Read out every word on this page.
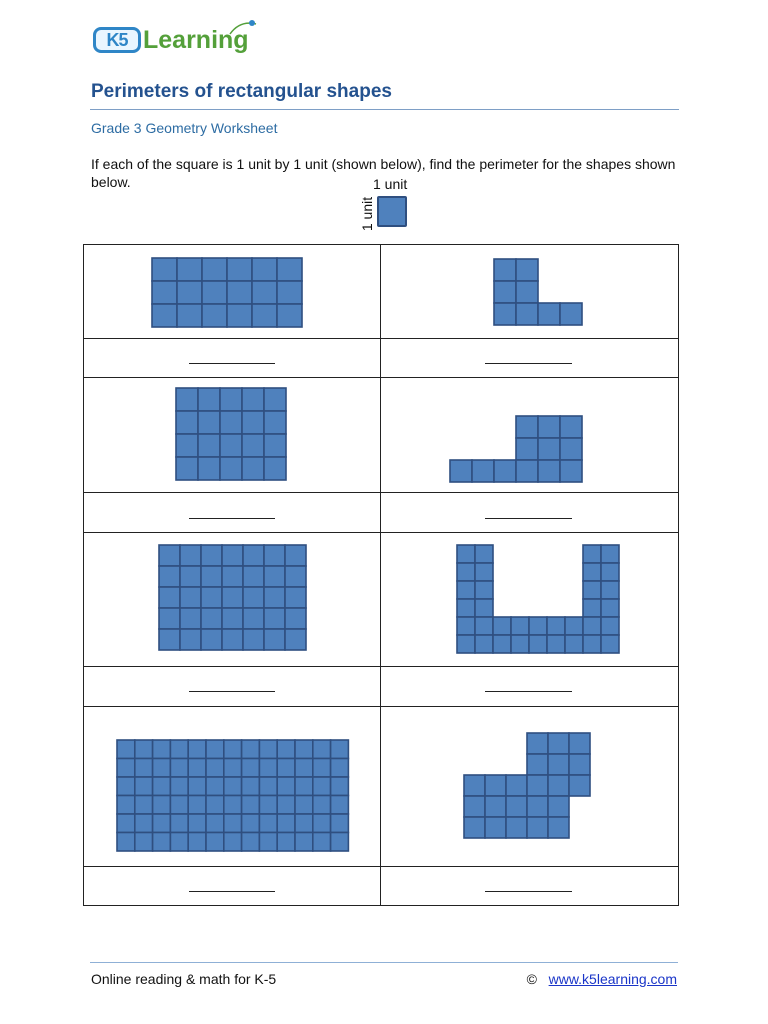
K5 Learning
Perimeters of rectangular shapes
Grade 3 Geometry Worksheet
If each of the square is 1 unit by 1 unit (shown below), find the perimeter for the shapes shown below.	1 unit
1 unit
Online reading & math for K-5	© www.k5learning.com
